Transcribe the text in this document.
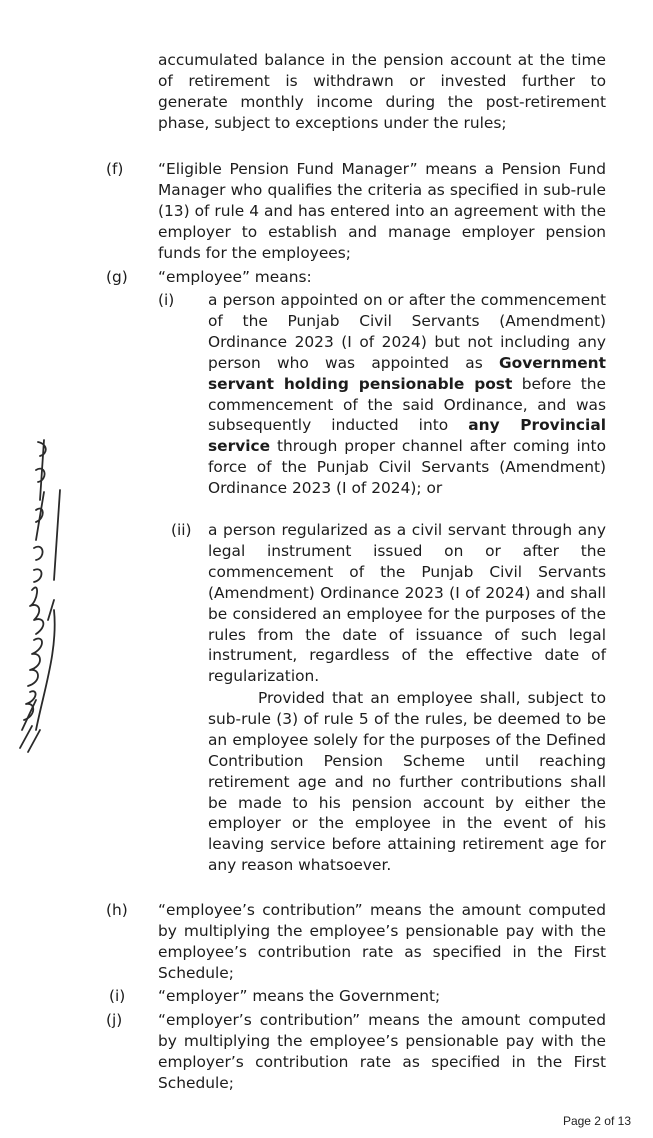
accumulated balance in the pension account at the time of retirement is withdrawn or invested further to generate monthly income during the post-retirement phase, subject to exceptions under the rules;
(f) “Eligible Pension Fund Manager” means a Pension Fund Manager who qualifies the criteria as specified in sub-rule (13) of rule 4 and has entered into an agreement with the employer to establish and manage employer pension funds for the employees;
(g) “employee” means:
(i) a person appointed on or after the commencement of the Punjab Civil Servants (Amendment) Ordinance 2023 (I of 2024) but not including any person who was appointed as Government servant holding pensionable post before the commencement of the said Ordinance, and was subsequently inducted into any Provincial service through proper channel after coming into force of the Punjab Civil Servants (Amendment) Ordinance 2023 (I of 2024); or
(ii) a person regularized as a civil servant through any legal instrument issued on or after the commencement of the Punjab Civil Servants (Amendment) Ordinance 2023 (I of 2024) and shall be considered an employee for the purposes of the rules from the date of issuance of such legal instrument, regardless of the effective date of regularization.
Provided that an employee shall, subject to sub-rule (3) of rule 5 of the rules, be deemed to be an employee solely for the purposes of the Defined Contribution Pension Scheme until reaching retirement age and no further contributions shall be made to his pension account by either the employer or the employee in the event of his leaving service before attaining retirement age for any reason whatsoever.
(h) “employee’s contribution” means the amount computed by multiplying the employee’s pensionable pay with the employee’s contribution rate as specified in the First Schedule;
(i) “employer” means the Government;
(j) “employer’s contribution” means the amount computed by multiplying the employee’s pensionable pay with the employer’s contribution rate as specified in the First Schedule;
Page 2 of 13
